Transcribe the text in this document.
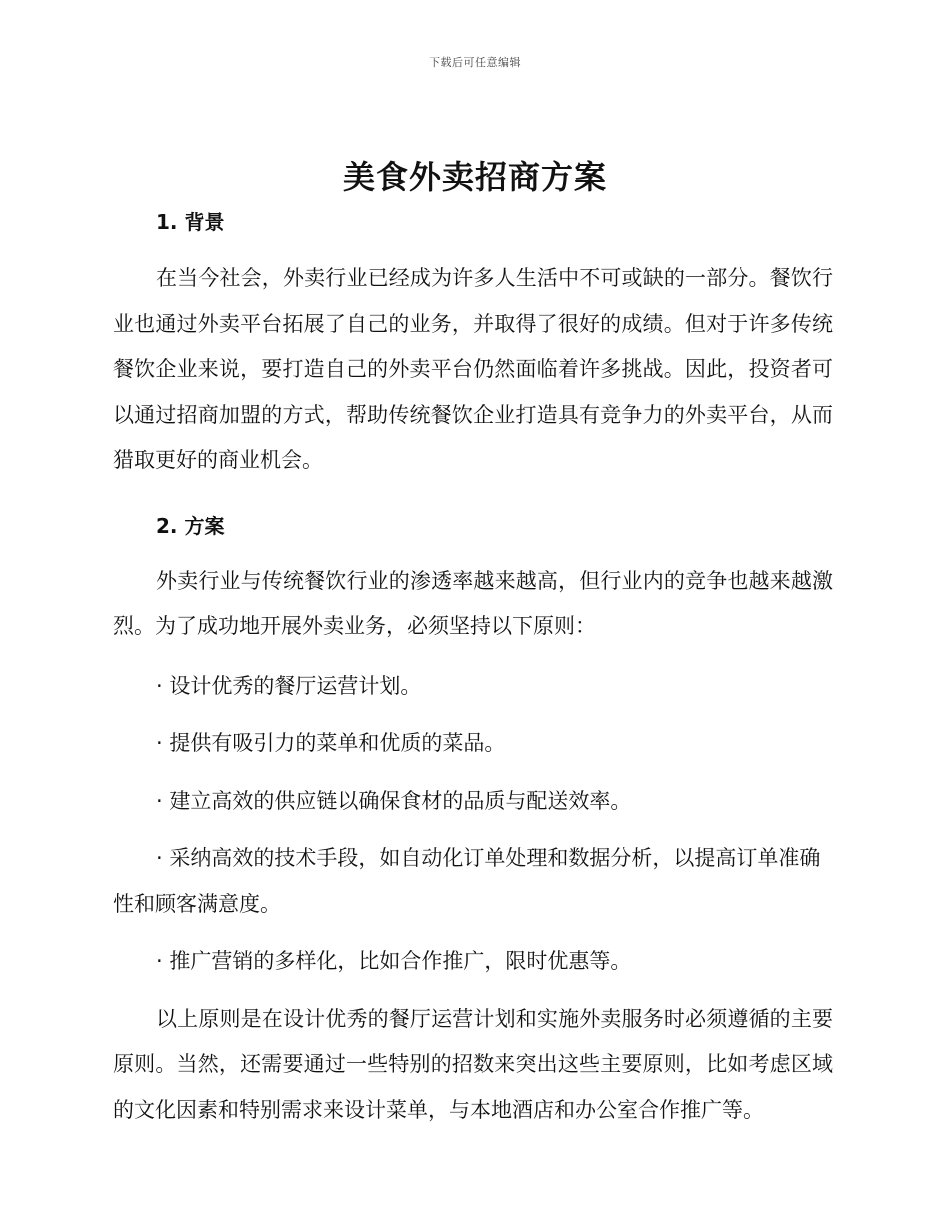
下载后可任意编辑
美食外卖招商方案
1. 背景

在当今社会，外卖行业已经成为许多人生活中不可或缺的一部分。餐饮行业也通过外卖平台拓展了自己的业务，并取得了很好的成绩。但对于许多传统餐饮企业来说，要打造自己的外卖平台仍然面临着许多挑战。因此，投资者可以通过招商加盟的方式，帮助传统餐饮企业打造具有竞争力的外卖平台，从而猎取更好的商业机会。

2. 方案

外卖行业与传统餐饮行业的渗透率越来越高，但行业内的竞争也越来越激烈。为了成功地开展外卖业务，必须坚持以下原则：

· 设计优秀的餐厅运营计划。

· 提供有吸引力的菜单和优质的菜品。

· 建立高效的供应链以确保食材的品质与配送效率。

· 采纳高效的技术手段，如自动化订单处理和数据分析，以提高订单准确性和顾客满意度。

· 推广营销的多样化，比如合作推广，限时优惠等。

以上原则是在设计优秀的餐厅运营计划和实施外卖服务时必须遵循的主要原则。当然，还需要通过一些特别的招数来突出这些主要原则，比如考虑区域的文化因素和特别需求来设计菜单，与本地酒店和办公室合作推广等。
